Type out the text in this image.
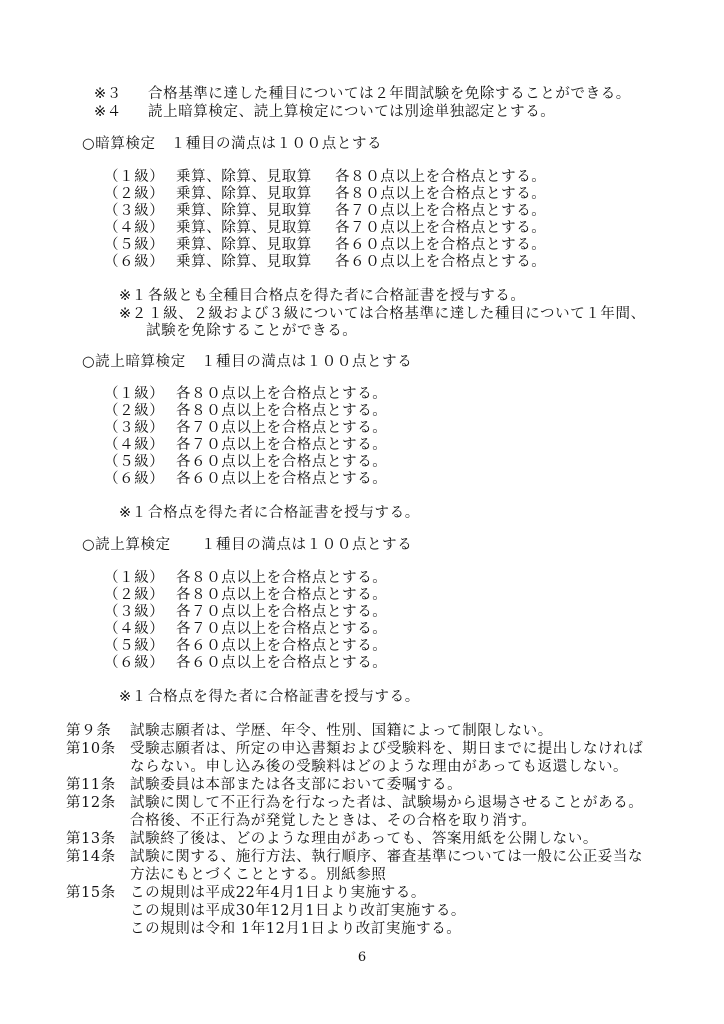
※３ 合格基準に達した種目については２年間試験を免除することができる。
※４ 読上暗算検定、読上算検定については別途単独認定とする。
○暗算検定　１種目の満点は１００点とする
（１級） 乗算、除算、見取算 各８０点以上を合格点とする。
（２級） 乗算、除算、見取算 各８０点以上を合格点とする。
（３級） 乗算、除算、見取算 各７０点以上を合格点とする。
（４級） 乗算、除算、見取算 各７０点以上を合格点とする。
（５級） 乗算、除算、見取算 各６０点以上を合格点とする。
（６級） 乗算、除算、見取算 各６０点以上を合格点とする。
※１ 各級とも全種目合格点を得た者に合格証書を授与する。
※２ １級、２級および３級については合格基準に達した種目について１年間、
試験を免除することができる。
○読上暗算検定　１種目の満点は１００点とする
（１級） 各８０点以上を合格点とする。
（２級） 各８０点以上を合格点とする。
（３級） 各７０点以上を合格点とする。
（４級） 各７０点以上を合格点とする。
（５級） 各６０点以上を合格点とする。
（６級） 各６０点以上を合格点とする。
※１ 合格点を得た者に合格証書を授与する。
○読上算検定　　１種目の満点は１００点とする
（１級） 各８０点以上を合格点とする。
（２級） 各８０点以上を合格点とする。
（３級） 各７０点以上を合格点とする。
（４級） 各７０点以上を合格点とする。
（５級） 各６０点以上を合格点とする。
（６級） 各６０点以上を合格点とする。
※１ 合格点を得た者に合格証書を授与する。
第９条 試験志願者は、学歴、年令、性別、国籍によって制限しない。
第10条 受験志願者は、所定の申込書類および受験料を、期日までに提出しなければ
ならない。申し込み後の受験料はどのような理由があっても返還しない。
第11条 試験委員は本部または各支部において委嘱する。
第12条 試験に関して不正行為を行なった者は、試験場から退場させることがある。
合格後、不正行為が発覚したときは、その合格を取り消す。
第13条 試験終了後は、どのような理由があっても、答案用紙を公開しない。
第14条 試験に関する、施行方法、執行順序、審査基準については一般に公正妥当な
方法にもとづくこととする。別紙参照
第15条 この規則は平成22年4月1日より実施する。
この規則は平成30年12月1日より改訂実施する。
この規則は令和 1年12月1日より改訂実施する。
6
